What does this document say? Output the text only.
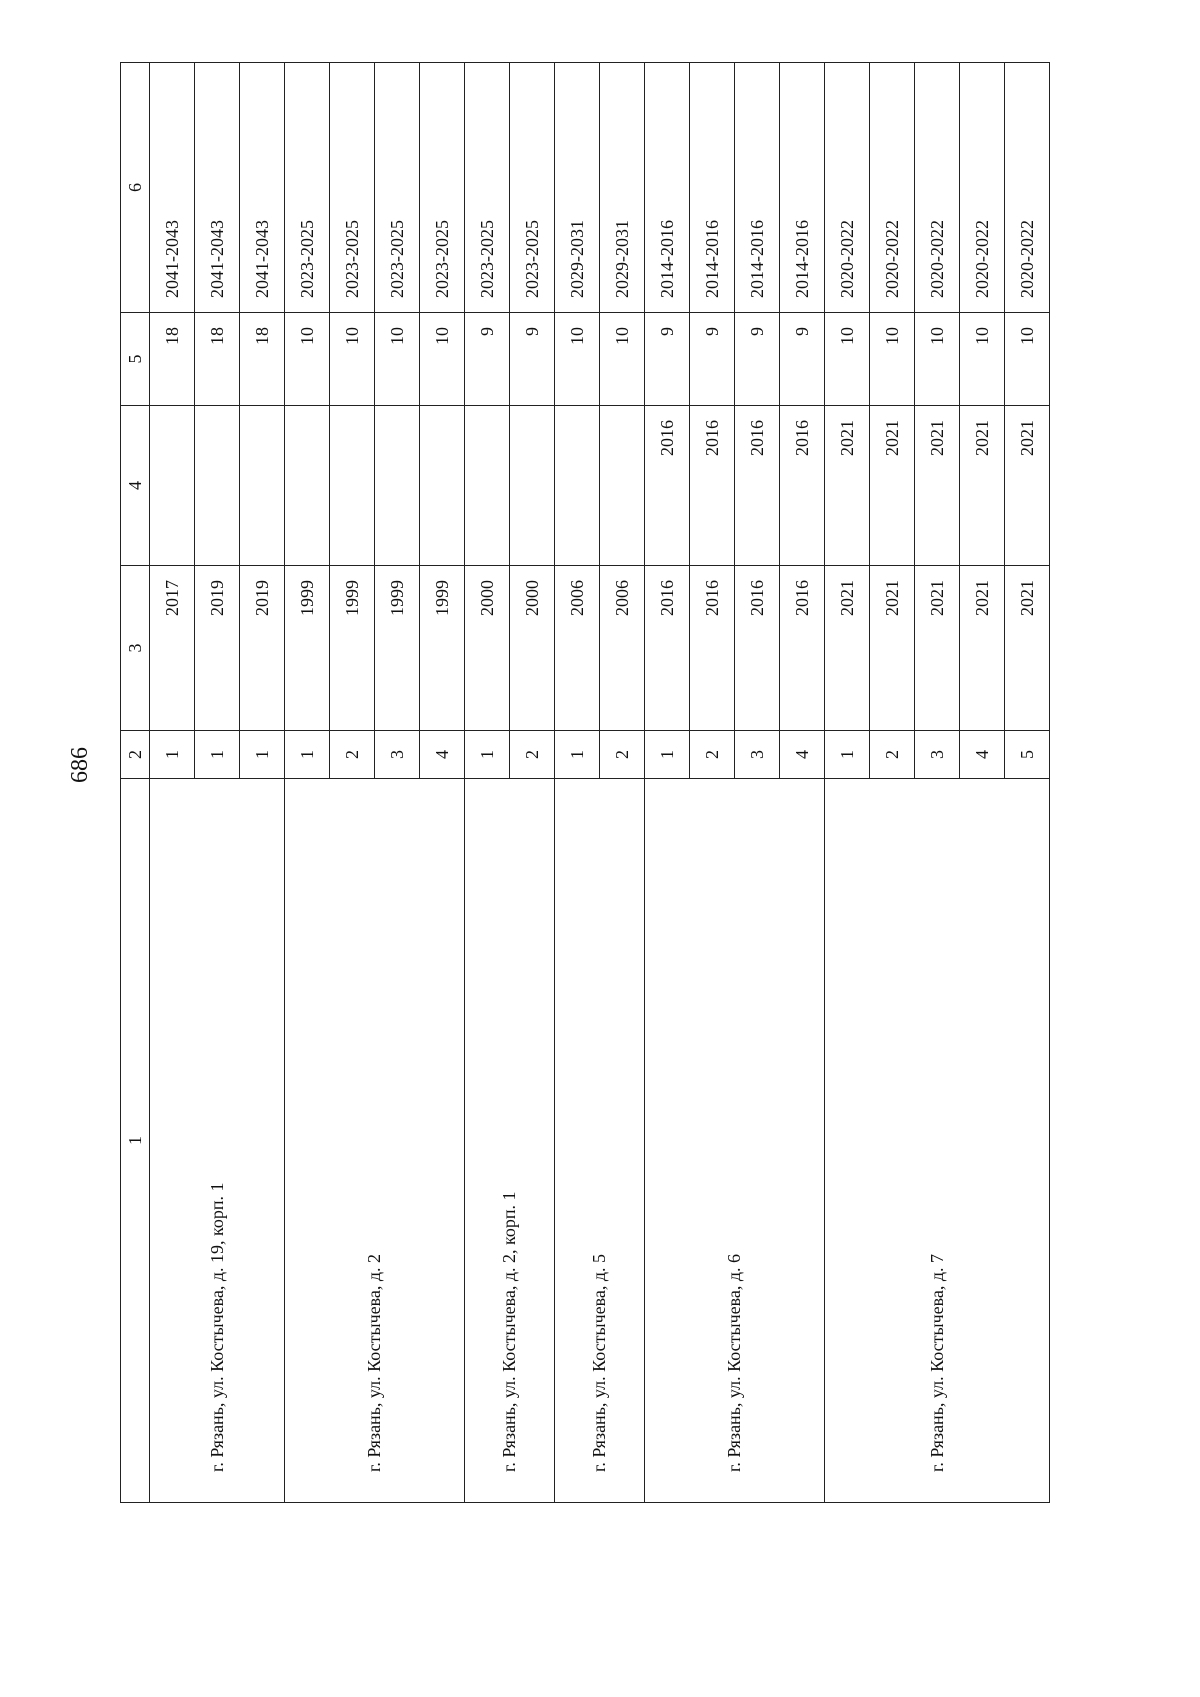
686
1	2	3	4	5	6
г. Рязань, ул. Костычева, д. 19, корп. 1	1	2017		18	2041-2043
	1	2019		18	2041-2043
	1	2019		18	2041-2043
г. Рязань, ул. Костычева, д. 2	1	1999		10	2023-2025
	2	1999		10	2023-2025
	3	1999		10	2023-2025
	4	1999		10	2023-2025
г. Рязань, ул. Костычева, д. 2, корп. 1	1	2000		9	2023-2025
	2	2000		9	2023-2025
г. Рязань, ул. Костычева, д. 5	1	2006		10	2029-2031
	2	2006		10	2029-2031
г. Рязань, ул. Костычева, д. 6	1	2016	2016	9	2014-2016
	2	2016	2016	9	2014-2016
	3	2016	2016	9	2014-2016
	4	2016	2016	9	2014-2016
г. Рязань, ул. Костычева, д. 7	1	2021	2021	10	2020-2022
	2	2021	2021	10	2020-2022
	3	2021	2021	10	2020-2022
	4	2021	2021	10	2020-2022
	5	2021	2021	10	2020-2022
